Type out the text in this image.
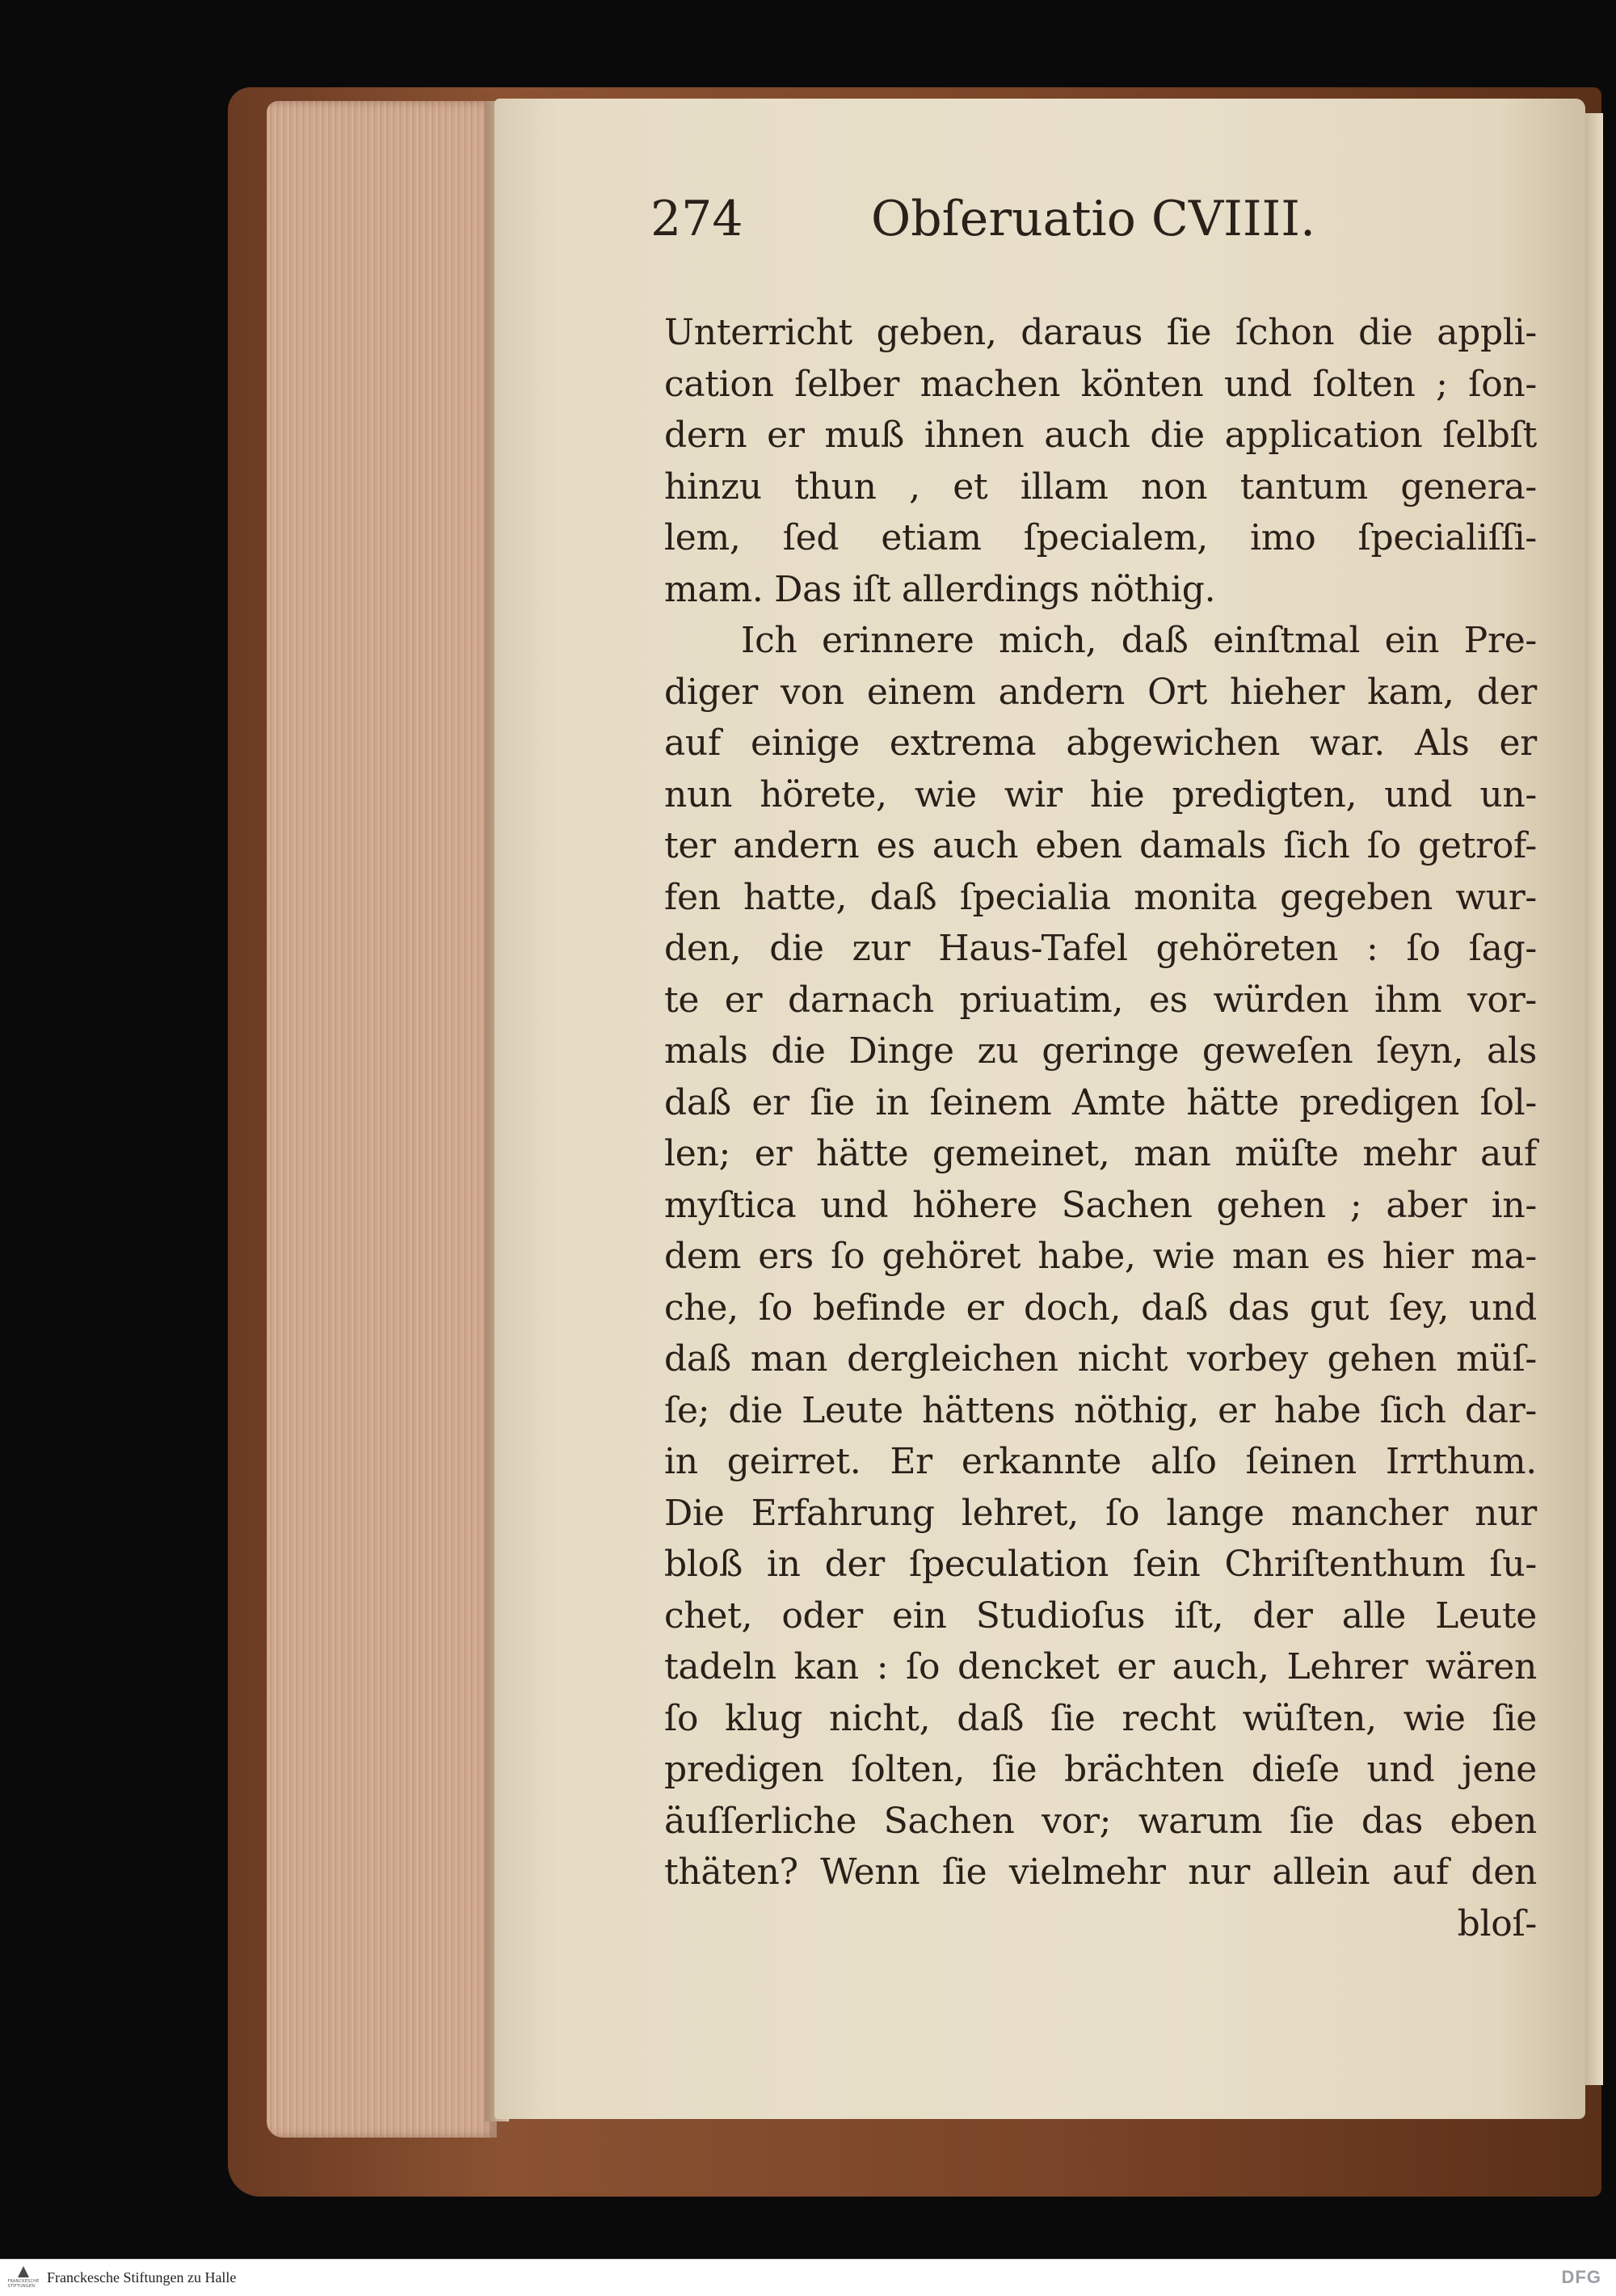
274	Obſeruatio CVIIII.
Unterricht geben, daraus ſie ſchon die appli-
cation ſelber machen könten und ſolten ; ſon-
dern er muß ihnen auch die application ſelbſt
hinzu thun , et illam non tantum genera-
lem, ſed etiam ſpecialem, imo ſpecialiſſi-
mam. Das iſt allerdings nöthig.
Ich erinnere mich, daß einſtmal ein Pre-
diger von einem andern Ort hieher kam, der
auf einige extrema abgewichen war. Als er
nun hörete, wie wir hie predigten, und un-
ter andern es auch eben damals ſich ſo getrof-
fen hatte, daß ſpecialia monita gegeben wur-
den, die zur Haus-Tafel gehöreten : ſo ſag-
te er darnach priuatim, es würden ihm vor-
mals die Dinge zu geringe geweſen ſeyn, als
daß er ſie in ſeinem Amte hätte predigen ſol-
len; er hätte gemeinet, man müſte mehr auf
myſtica und höhere Sachen gehen ; aber in-
dem ers ſo gehöret habe, wie man es hier ma-
che, ſo befinde er doch, daß das gut ſey, und
daß man dergleichen nicht vorbey gehen müſ-
ſe; die Leute hättens nöthig, er habe ſich dar-
in geirret. Er erkannte alſo ſeinen Irrthum.
Die Erfahrung lehret, ſo lange mancher nur
bloß in der ſpeculation ſein Chriſtenthum ſu-
chet, oder ein Studioſus iſt, der alle Leute
tadeln kan : ſo dencket er auch, Lehrer wären
ſo klug nicht, daß ſie recht wüſten, wie ſie
predigen ſolten, ſie brächten dieſe und jene
äuſſerliche Sachen vor; warum ſie das eben
thäten? Wenn ſie vielmehr nur allein auf den
bloſ-
FRANCKESCHE STIFTUNGEN
Franckesche Stiftungen zu Halle	DFG
